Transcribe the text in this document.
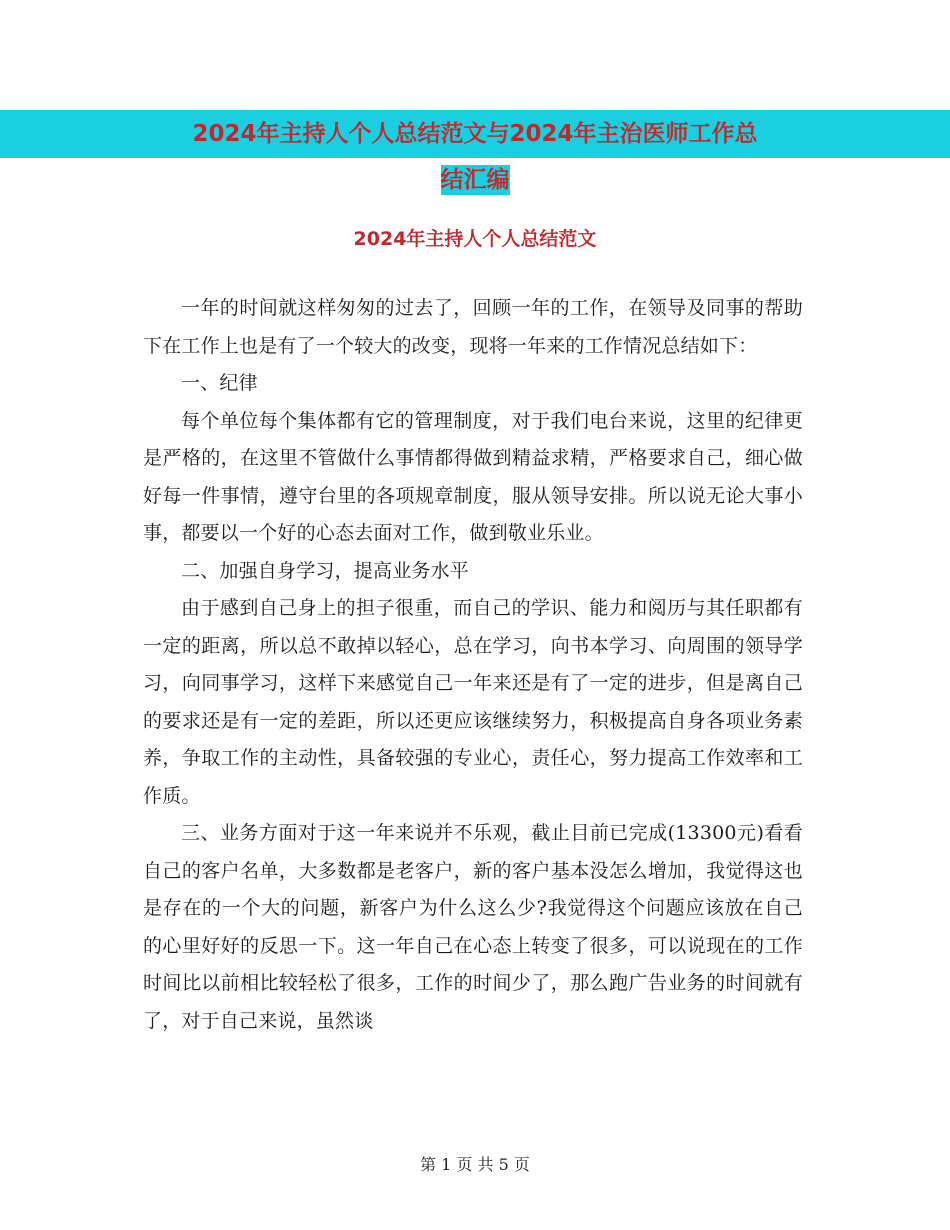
2024年主持人个人总结范文与2024年主治医师工作总
结汇编
2024年主持人个人总结范文

一年的时间就这样匆匆的过去了，回顾一年的工作，在领导及同事的帮助下在工作上也是有了一个较大的改变，现将一年来的工作情况总结如下：

一、纪律

每个单位每个集体都有它的管理制度，对于我们电台来说，这里的纪律更是严格的，在这里不管做什么事情都得做到精益求精，严格要求自己，细心做好每一件事情，遵守台里的各项规章制度，服从领导安排。所以说无论大事小事，都要以一个好的心态去面对工作，做到敬业乐业。

二、加强自身学习，提高业务水平

由于感到自己身上的担子很重，而自己的学识、能力和阅历与其任职都有一定的距离，所以总不敢掉以轻心，总在学习，向书本学习、向周围的领导学习，向同事学习，这样下来感觉自己一年来还是有了一定的进步，但是离自己的要求还是有一定的差距，所以还更应该继续努力，积极提高自身各项业务素养，争取工作的主动性，具备较强的专业心，责任心，努力提高工作效率和工作质。

三、业务方面对于这一年来说并不乐观，截止目前已完成(13300元)看看自己的客户名单，大多数都是老客户，新的客户基本没怎么增加，我觉得这也是存在的一个大的问题，新客户为什么这么少?我觉得这个问题应该放在自己的心里好好的反思一下。这一年自己在心态上转变了很多，可以说现在的工作时间比以前相比较轻松了很多，工作的时间少了，那么跑广告业务的时间就有了，对于自己来说，虽然谈

第 1 页 共 5 页
